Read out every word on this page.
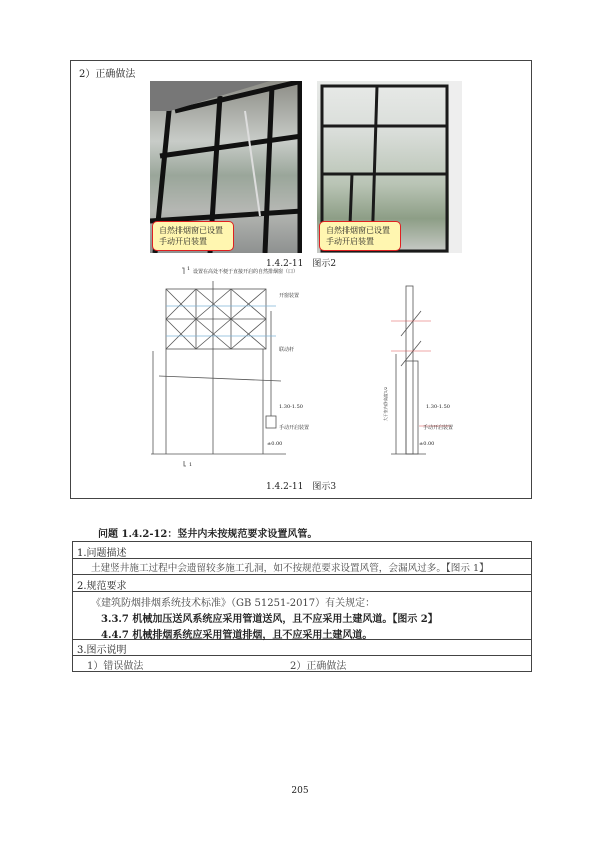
2）正确做法
自然排烟窗已设置手动开启装置
自然排烟窗已设置手动开启装置
1.4.2-11　图示2
设置在高处不便于直接开启的自然排烟窗（口）
1
开窗装置
联动杆
1.30-1.50
手动开启装置
±0.00
1
大于室内净高度1/2	1.30-1.50
手动开启装置
±0.00
1.4.2-11　图示3
问题 1.4.2-12：竖井内未按规范要求设置风管。
1.问题描述
土建竖井施工过程中会遗留较多施工孔洞，如不按规范要求设置风管，会漏风过多。【图示 1】
2.规范要求
《建筑防烟排烟系统技术标准》（GB 51251-2017）有关规定：
3.3.7 机械加压送风系统应采用管道送风，且不应采用土建风道。【图示 2】
4.4.7 机械排烟系统应采用管道排烟，且不应采用土建风道。
3.图示说明
1）错误做法	2）正确做法
205
